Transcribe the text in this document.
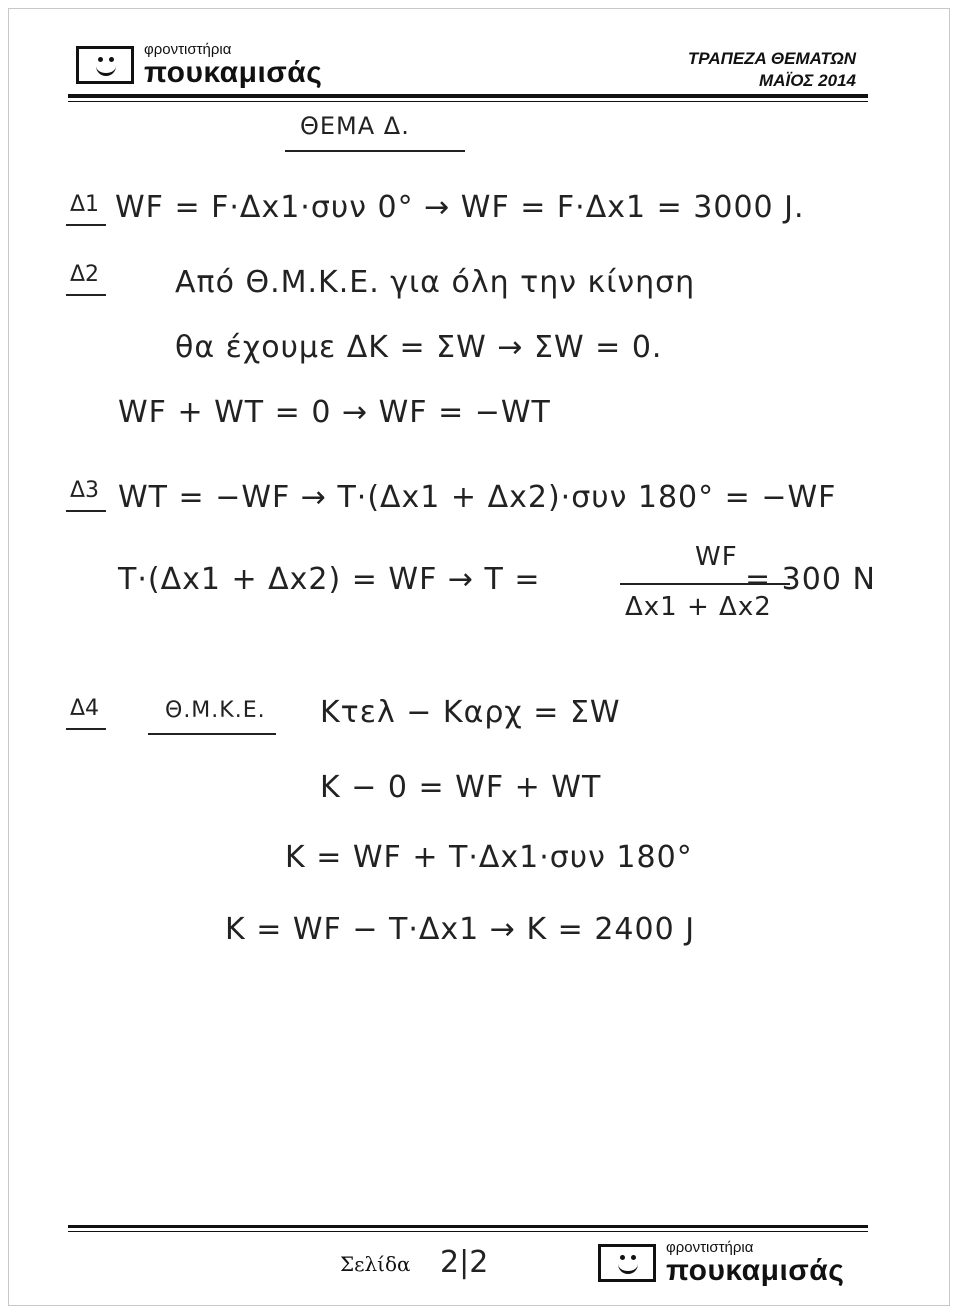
φροντιστήρια
πουκαμισάς	ΤΡΑΠΕΖΑ ΘΕΜΑΤΩΝ
ΜΑΪΟΣ 2014
ΘΕΜΑ Δ.
Δ1 WF = F·Δx1·συν 0° → WF = F·Δx1 = 3000 J.
Δ2	Από Θ.Μ.Κ.Ε. για όλη την κίνηση
θα έχουμε ΔK = ΣW → ΣW = 0.
WF + WT = 0 → WF = −WT
Δ3 WT = −WF → T·(Δx1 + Δx2)·συν 180° = −WF
T·(Δx1 + Δx2) = WF → T =
WF
Δx1 + Δx2
= 300 N
Δ4	Θ.Μ.Κ.Ε. Kτελ − Kαρχ = ΣW
K − 0 = WF + WT
K = WF + T·Δx1·συν 180°
K = WF − T·Δx1 → K = 2400 J
Σελίδα 2|2	φροντιστήρια
πουκαμισάς
